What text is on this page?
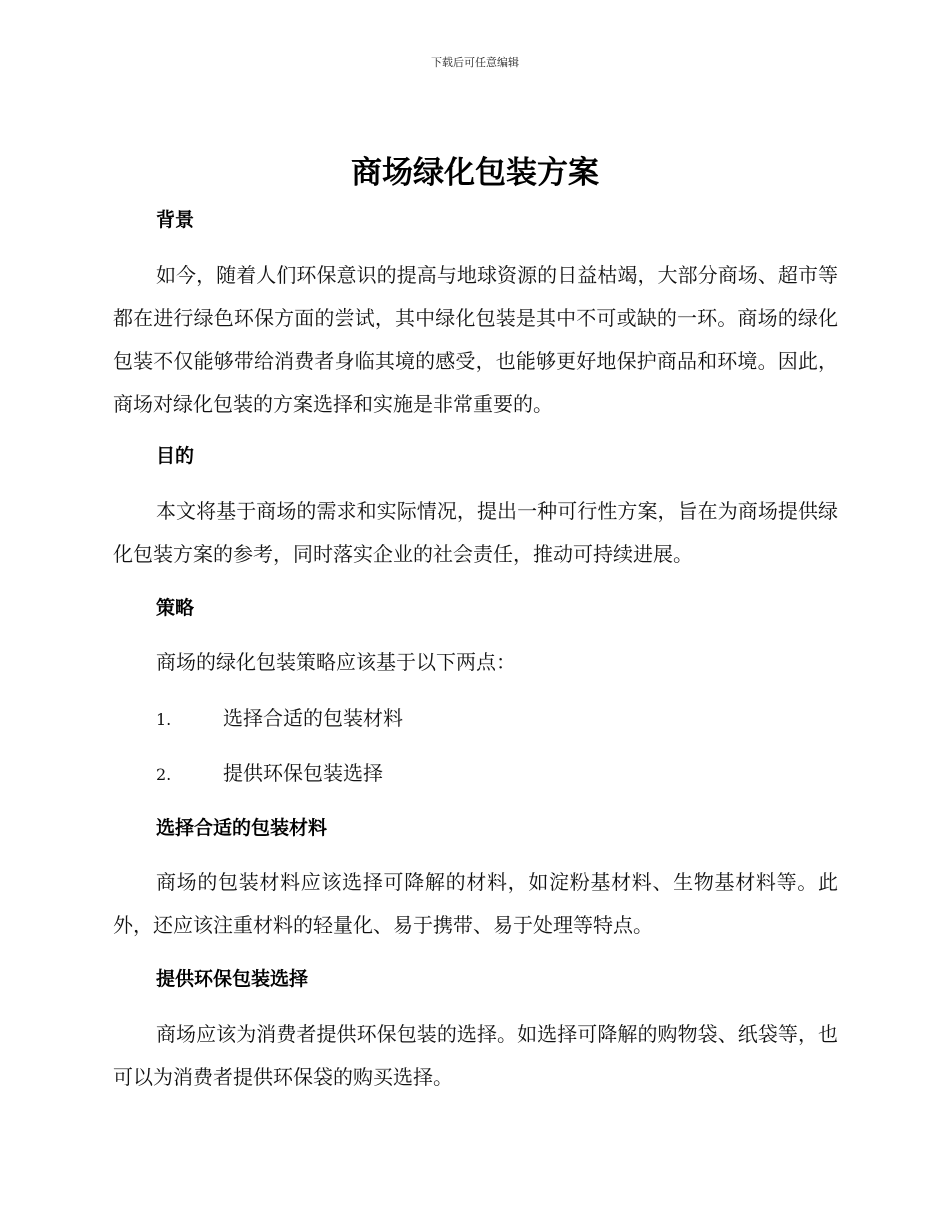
下载后可任意编辑
商场绿化包装方案
背景

如今，随着人们环保意识的提高与地球资源的日益枯竭，大部分商场、超市等都在进行绿色环保方面的尝试，其中绿化包装是其中不可或缺的一环。商场的绿化包装不仅能够带给消费者身临其境的感受，也能够更好地保护商品和环境。因此，商场对绿化包装的方案选择和实施是非常重要的。

目的

本文将基于商场的需求和实际情况，提出一种可行性方案，旨在为商场提供绿化包装方案的参考，同时落实企业的社会责任，推动可持续进展。

策略

商场的绿化包装策略应该基于以下两点：

1.	选择合适的包装材料
2.	提供环保包装选择
选择合适的包装材料

商场的包装材料应该选择可降解的材料，如淀粉基材料、生物基材料等。此外，还应该注重材料的轻量化、易于携带、易于处理等特点。

提供环保包装选择

商场应该为消费者提供环保包装的选择。如选择可降解的购物袋、纸袋等，也可以为消费者提供环保袋的购买选择。
